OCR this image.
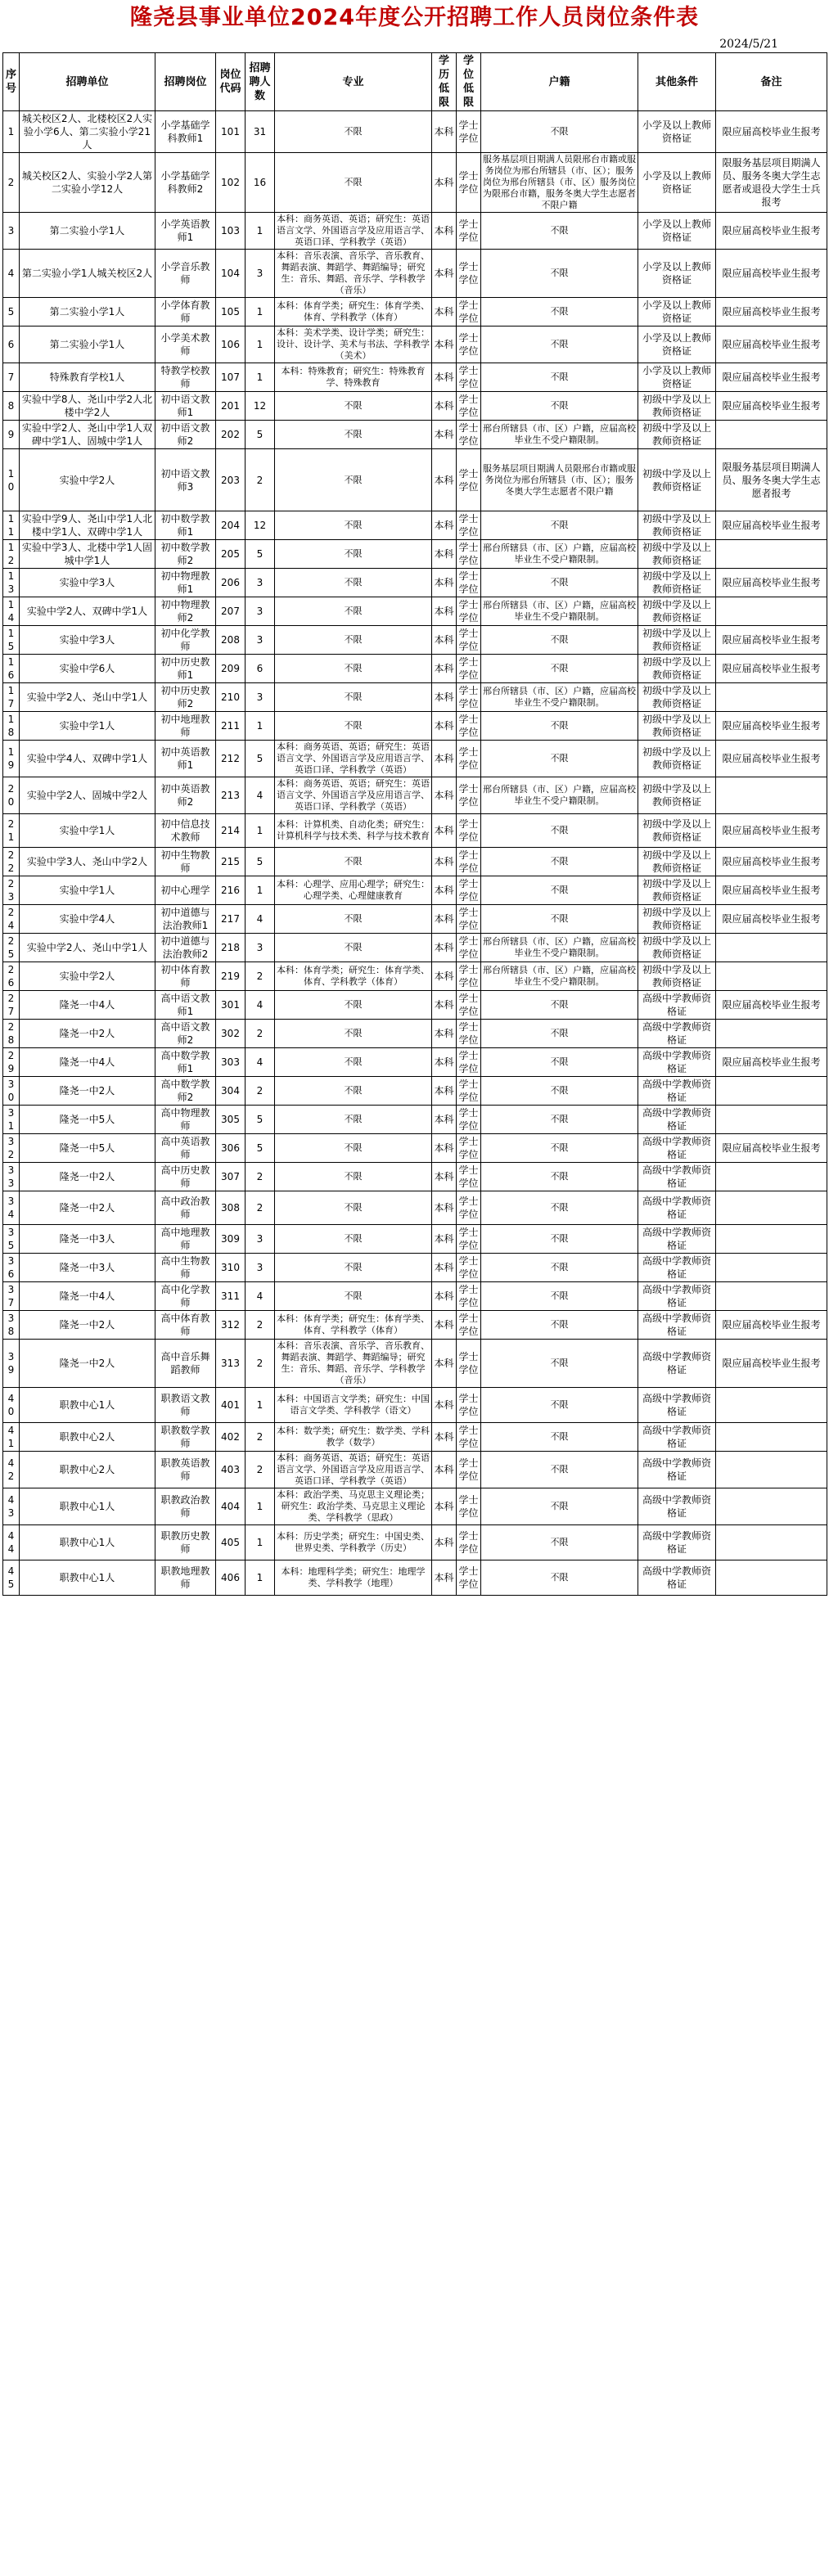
隆尧县事业单位2024年度公开招聘工作人员岗位条件表
2024/5/21
序号	招聘单位	招聘岗位	岗位代码	招聘聘人数	专业	学历低限	学位低限	户籍	其他条件	备注
1	城关校区2人、北楼校区2人实验小学6人、第二实验小学21人	小学基础学科教师1	101	31	不限	本科	学士学位	不限	小学及以上教师资格证	限应届高校毕业生报考
2	城关校区2人、实验小学2人第二实验小学12人	小学基础学科教师2	102	16	不限	本科	学士学位	服务基层项目期满人员限邢台市籍或服务岗位为邢台所辖县（市、区）；服务岗位为邢台所辖县（市、区）服务岗位为限邢台市籍，服务冬奥大学生志愿者不限户籍	小学及以上教师资格证	限服务基层项目期满人员、服务冬奥大学生志愿者或退役大学生士兵报考
3	第二实验小学1人	小学英语教师1	103	1	本科：商务英语、英语；研究生：英语语言文学、外国语言学及应用语言学、英语口译、学科教学（英语）	本科	学士学位	不限	小学及以上教师资格证	限应届高校毕业生报考
4	第二实验小学1人城关校区2人	小学音乐教师	104	3	本科：音乐表演、音乐学、音乐教育、舞蹈表演、舞蹈学、舞蹈编导；研究生：音乐、舞蹈、音乐学、学科教学（音乐）	本科	学士学位	不限	小学及以上教师资格证	限应届高校毕业生报考
5	第二实验小学1人	小学体育教师	105	1	本科：体育学类；研究生：体育学类、体育、学科教学（体育）	本科	学士学位	不限	小学及以上教师资格证	限应届高校毕业生报考
6	第二实验小学1人	小学美术教师	106	1	本科：美术学类、设计学类；研究生：设计、设计学、美术与书法、学科教学（美术）	本科	学士学位	不限	小学及以上教师资格证	限应届高校毕业生报考
7	特殊教育学校1人	特教学校教师	107	1	本科：特殊教育；研究生：特殊教育学、特殊教育	本科	学士学位	不限	小学及以上教师资格证	限应届高校毕业生报考
8	实验中学8人、尧山中学2人北楼中学2人	初中语文教师1	201	12	不限	本科	学士学位	不限	初级中学及以上教师资格证	限应届高校毕业生报考
9	实验中学2人、尧山中学1人双碑中学1人、固城中学1人	初中语文教师2	202	5	不限	本科	学士学位	邢台所辖县（市、区）户籍，应届高校毕业生不受户籍限制。	初级中学及以上教师资格证	
10	实验中学2人	初中语文教师3	203	2	不限	本科	学士学位	服务基层项目期满人员限邢台市籍或服务岗位为邢台所辖县（市、区）；服务冬奥大学生志愿者不限户籍	初级中学及以上教师资格证	限服务基层项目期满人员、服务冬奥大学生志愿者报考
11	实验中学9人、尧山中学1人北楼中学1人、双碑中学1人	初中数学教师1	204	12	不限	本科	学士学位	不限	初级中学及以上教师资格证	限应届高校毕业生报考
12	实验中学3人、北楼中学1人固城中学1人	初中数学教师2	205	5	不限	本科	学士学位	邢台所辖县（市、区）户籍，应届高校毕业生不受户籍限制。	初级中学及以上教师资格证	
13	实验中学3人	初中物理教师1	206	3	不限	本科	学士学位	不限	初级中学及以上教师资格证	限应届高校毕业生报考
14	实验中学2人、双碑中学1人	初中物理教师2	207	3	不限	本科	学士学位	邢台所辖县（市、区）户籍，应届高校毕业生不受户籍限制。	初级中学及以上教师资格证	
15	实验中学3人	初中化学教师	208	3	不限	本科	学士学位	不限	初级中学及以上教师资格证	限应届高校毕业生报考
16	实验中学6人	初中历史教师1	209	6	不限	本科	学士学位	不限	初级中学及以上教师资格证	限应届高校毕业生报考
17	实验中学2人、尧山中学1人	初中历史教师2	210	3	不限	本科	学士学位	邢台所辖县（市、区）户籍，应届高校毕业生不受户籍限制。	初级中学及以上教师资格证	
18	实验中学1人	初中地理教师	211	1	不限	本科	学士学位	不限	初级中学及以上教师资格证	限应届高校毕业生报考
19	实验中学4人、双碑中学1人	初中英语教师1	212	5	本科：商务英语、英语；研究生：英语语言文学、外国语言学及应用语言学、英语口译、学科教学（英语）	本科	学士学位	不限	初级中学及以上教师资格证	限应届高校毕业生报考
20	实验中学2人、固城中学2人	初中英语教师2	213	4	本科：商务英语、英语；研究生：英语语言文学、外国语言学及应用语言学、英语口译、学科教学（英语）	本科	学士学位	邢台所辖县（市、区）户籍，应届高校毕业生不受户籍限制。	初级中学及以上教师资格证	
21	实验中学1人	初中信息技术教师	214	1	本科：计算机类、自动化类；研究生：计算机科学与技术类、科学与技术教育	本科	学士学位	不限	初级中学及以上教师资格证	限应届高校毕业生报考
22	实验中学3人、尧山中学2人	初中生物教师	215	5	不限	本科	学士学位	不限	初级中学及以上教师资格证	限应届高校毕业生报考
23	实验中学1人	初中心理学	216	1	本科：心理学、应用心理学；研究生：心理学类、心理健康教育	本科	学士学位	不限	初级中学及以上教师资格证	限应届高校毕业生报考
24	实验中学4人	初中道德与法治教师1	217	4	不限	本科	学士学位	不限	初级中学及以上教师资格证	限应届高校毕业生报考
25	实验中学2人、尧山中学1人	初中道德与法治教师2	218	3	不限	本科	学士学位	邢台所辖县（市、区）户籍，应届高校毕业生不受户籍限制。	初级中学及以上教师资格证	
26	实验中学2人	初中体育教师	219	2	本科：体育学类；研究生：体育学类、体育、学科教学（体育）	本科	学士学位	邢台所辖县（市、区）户籍，应届高校毕业生不受户籍限制。	初级中学及以上教师资格证	
27	隆尧一中4人	高中语文教师1	301	4	不限	本科	学士学位	不限	高级中学教师资格证	限应届高校毕业生报考
28	隆尧一中2人	高中语文教师2	302	2	不限	本科	学士学位	不限	高级中学教师资格证	
29	隆尧一中4人	高中数学教师1	303	4	不限	本科	学士学位	不限	高级中学教师资格证	限应届高校毕业生报考
30	隆尧一中2人	高中数学教师2	304	2	不限	本科	学士学位	不限	高级中学教师资格证	
31	隆尧一中5人	高中物理教师	305	5	不限	本科	学士学位	不限	高级中学教师资格证	
32	隆尧一中5人	高中英语教师	306	5	不限	本科	学士学位	不限	高级中学教师资格证	限应届高校毕业生报考
33	隆尧一中2人	高中历史教师	307	2	不限	本科	学士学位	不限	高级中学教师资格证	
34	隆尧一中2人	高中政治教师	308	2	不限	本科	学士学位	不限	高级中学教师资格证	
35	隆尧一中3人	高中地理教师	309	3	不限	本科	学士学位	不限	高级中学教师资格证	
36	隆尧一中3人	高中生物教师	310	3	不限	本科	学士学位	不限	高级中学教师资格证	
37	隆尧一中4人	高中化学教师	311	4	不限	本科	学士学位	不限	高级中学教师资格证	
38	隆尧一中2人	高中体育教师	312	2	本科：体育学类；研究生：体育学类、体育、学科教学（体育）	本科	学士学位	不限	高级中学教师资格证	限应届高校毕业生报考
39	隆尧一中2人	高中音乐舞蹈教师	313	2	本科：音乐表演、音乐学、音乐教育、舞蹈表演、舞蹈学、舞蹈编导；研究生：音乐、舞蹈、音乐学、学科教学（音乐）	本科	学士学位	不限	高级中学教师资格证	限应届高校毕业生报考
40	职教中心1人	职教语文教师	401	1	本科：中国语言文学类；研究生：中国语言文学类、学科教学（语文）	本科	学士学位	不限	高级中学教师资格证	
41	职教中心2人	职教数学教师	402	2	本科：数学类；研究生：数学类、学科教学（数学）	本科	学士学位	不限	高级中学教师资格证	
42	职教中心2人	职教英语教师	403	2	本科：商务英语、英语；研究生：英语语言文学、外国语言学及应用语言学、英语口译、学科教学（英语）	本科	学士学位	不限	高级中学教师资格证	
43	职教中心1人	职教政治教师	404	1	本科：政治学类、马克思主义理论类；研究生：政治学类、马克思主义理论类、学科教学（思政）	本科	学士学位	不限	高级中学教师资格证	
44	职教中心1人	职教历史教师	405	1	本科：历史学类；研究生：中国史类、世界史类、学科教学（历史）	本科	学士学位	不限	高级中学教师资格证	
45	职教中心1人	职教地理教师	406	1	本科：地理科学类；研究生：地理学类、学科教学（地理）	本科	学士学位	不限	高级中学教师资格证	
